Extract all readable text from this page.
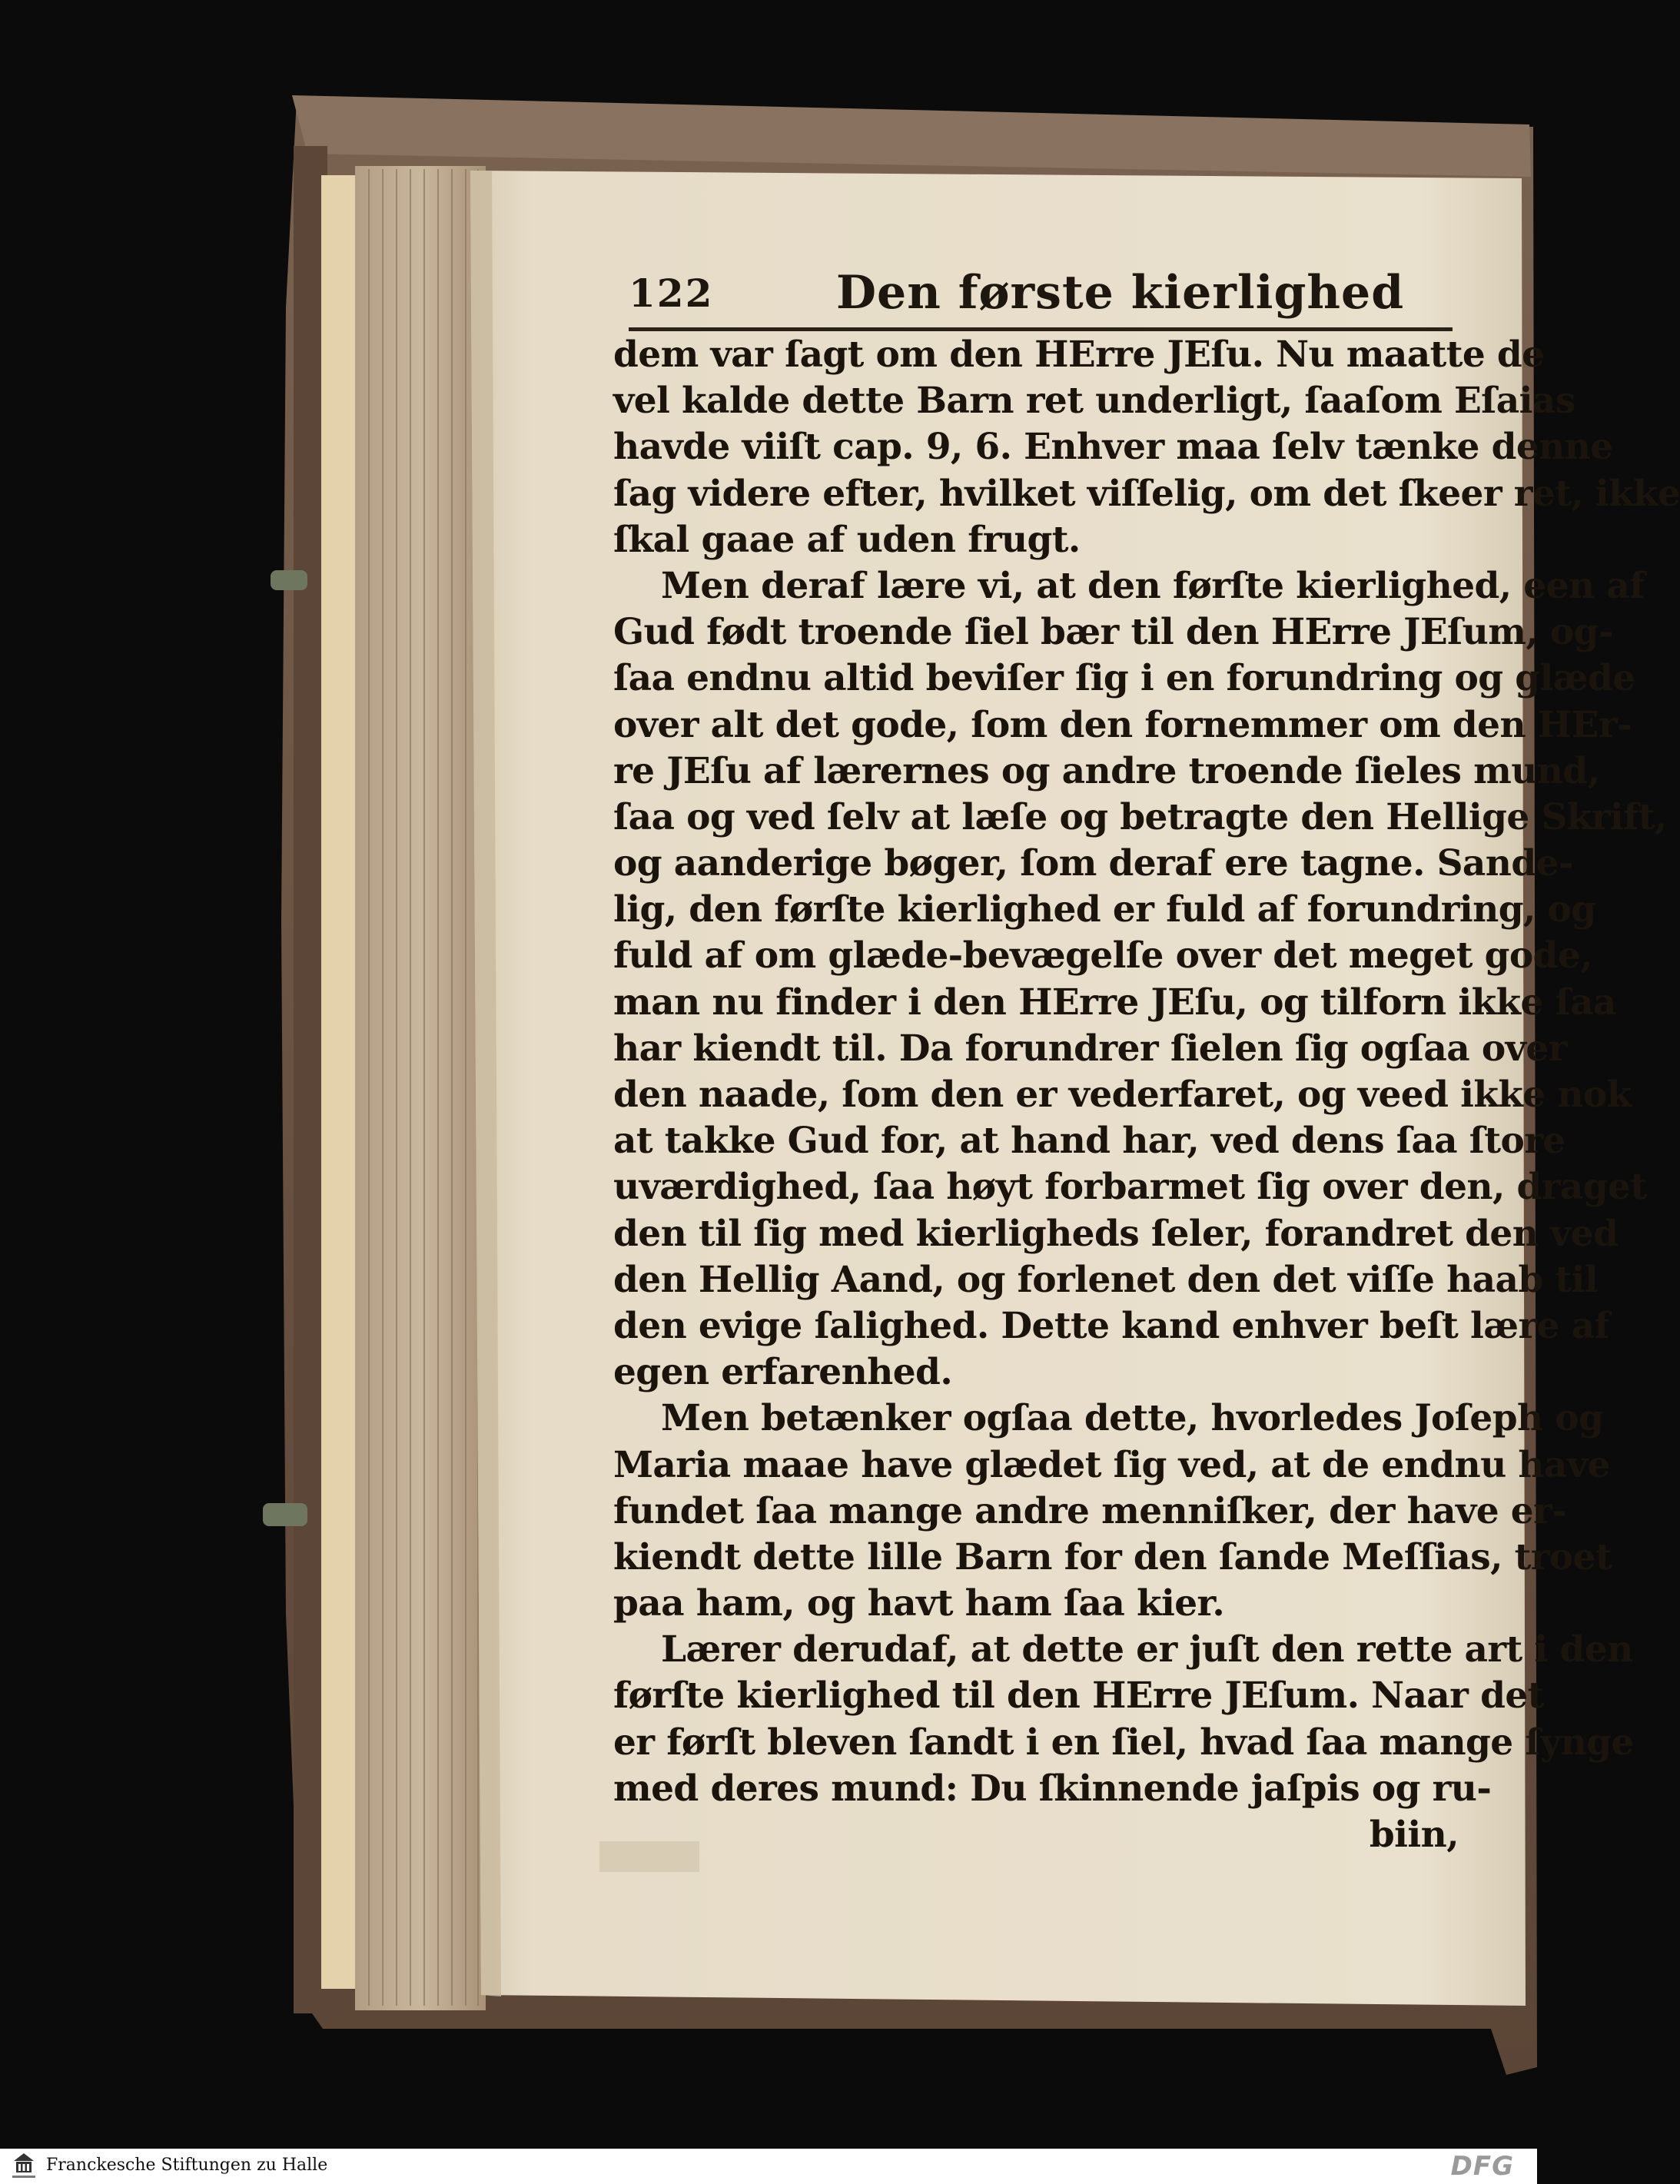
122	Den første kierlighed
dem var ſagt om den HErre JEſu. Nu maatte de
vel kalde dette Barn ret underligt, ſaaſom Eſaias
havde viiſt cap. 9, 6. Enhver maa ſelv tænke denne
ſag videre efter, hvilket viſſelig, om det ſkeer ret, ikke
ſkal gaae af uden frugt.
Men deraf lære vi, at den førſte kierlighed, een af
Gud født troende ſiel bær til den HErre JEſum, og-
ſaa endnu altid beviſer ſig i en forundring og glæde
over alt det gode, ſom den fornemmer om den HEr-
re JEſu af lærernes og andre troende ſieles mund,
ſaa og ved ſelv at læſe og betragte den Hellige Skrift,
og aanderige bøger, ſom deraf ere tagne. Sande-
lig, den førſte kierlighed er fuld af forundring, og
fuld af om glæde-bevægelſe over det meget gode,
man nu finder i den HErre JEſu, og tilforn ikke ſaa
har kiendt til. Da forundrer ſielen ſig ogſaa over
den naade, ſom den er vederfaret, og veed ikke nok
at takke Gud for, at hand har, ved dens ſaa ſtore
uværdighed, ſaa høyt forbarmet ſig over den, draget
den til ſig med kierligheds ſeler, forandret den ved
den Hellig Aand, og forlenet den det viſſe haab til
den evige ſalighed. Dette kand enhver beſt lære af
egen erfarenhed.
Men betænker ogſaa dette, hvorledes Joſeph og
Maria maae have glædet ſig ved, at de endnu have
fundet ſaa mange andre menniſker, der have er-
kiendt dette lille Barn for den ſande Meſſias, troet
paa ham, og havt ham ſaa kier.
Lærer derudaf, at dette er juſt den rette art i den
førſte kierlighed til den HErre JEſum. Naar det
er førſt bleven ſandt i en ſiel, hvad ſaa mange ſynge
med deres mund: Du ſkinnende jaſpis og ru-
biin,
Franckesche Stiftungen zu Halle	DFG
